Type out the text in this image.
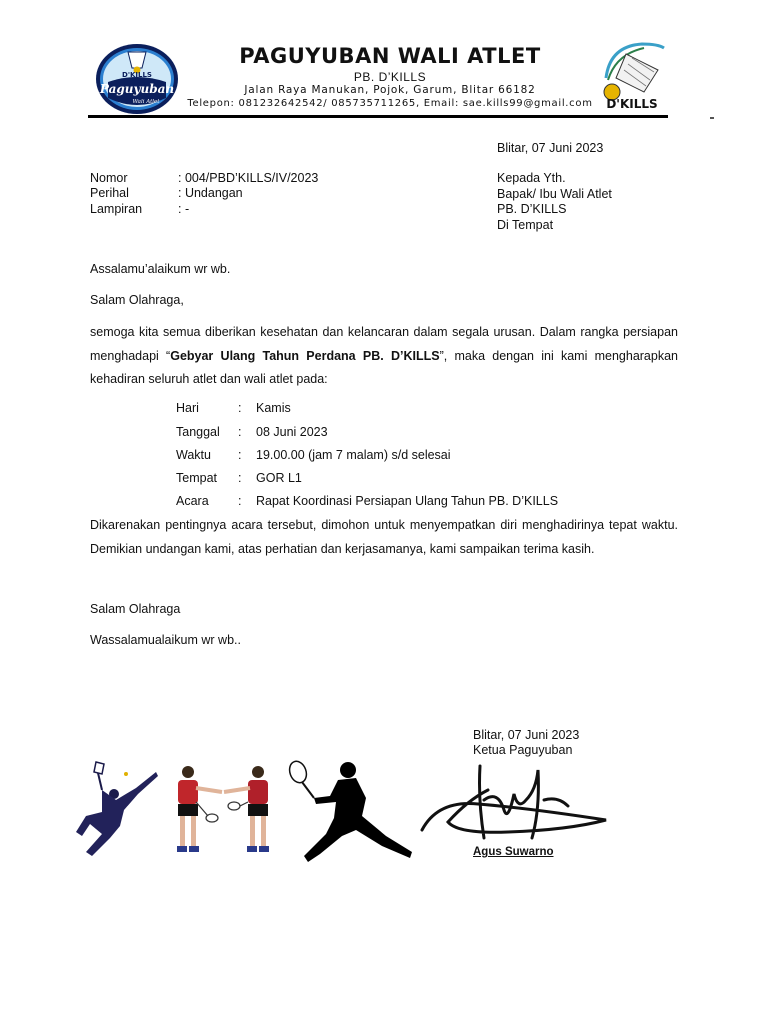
D'KILLS
Paguyuban
Wali Atlet	D'KILLS
PAGUYUBAN WALI ATLET
PB. D’KILLS
Jalan Raya Manukan, Pojok, Garum, Blitar 66182
Telepon: 081232642542/ 085735711265, Email: sae.kills99@gmail.com
Blitar, 07 Juni 2023
Nomor	: 004/PBD’KILLS/IV/2023
Perihal	: Undangan
Lampiran	: -
Kepada Yth.
Bapak/ Ibu Wali Atlet
PB. D’KILLS
Di Tempat
Assalamu’alaikum wr wb.
Salam Olahraga,
semoga kita semua diberikan kesehatan dan kelancaran dalam segala urusan. Dalam rangka persiapan menghadapi “Gebyar Ulang Tahun Perdana PB. D’KILLS”, maka dengan ini kami mengharapkan kehadiran seluruh atlet dan wali atlet pada:
Hari	: Kamis
Tanggal : 08 Juni 2023
Waktu : 19.00.00 (jam 7 malam) s/d selesai
Tempat : GOR L1
Acara : Rapat Koordinasi Persiapan Ulang Tahun PB. D’KILLS
Dikarenakan pentingnya acara tersebut, dimohon untuk menyempatkan diri menghadirinya tepat waktu. Demikian undangan kami, atas perhatian dan kerjasamanya, kami sampaikan terima kasih.
Salam Olahraga
Wassalamualaikum wr wb..
Blitar, 07 Juni 2023
Ketua Paguyuban
Agus Suwarno
